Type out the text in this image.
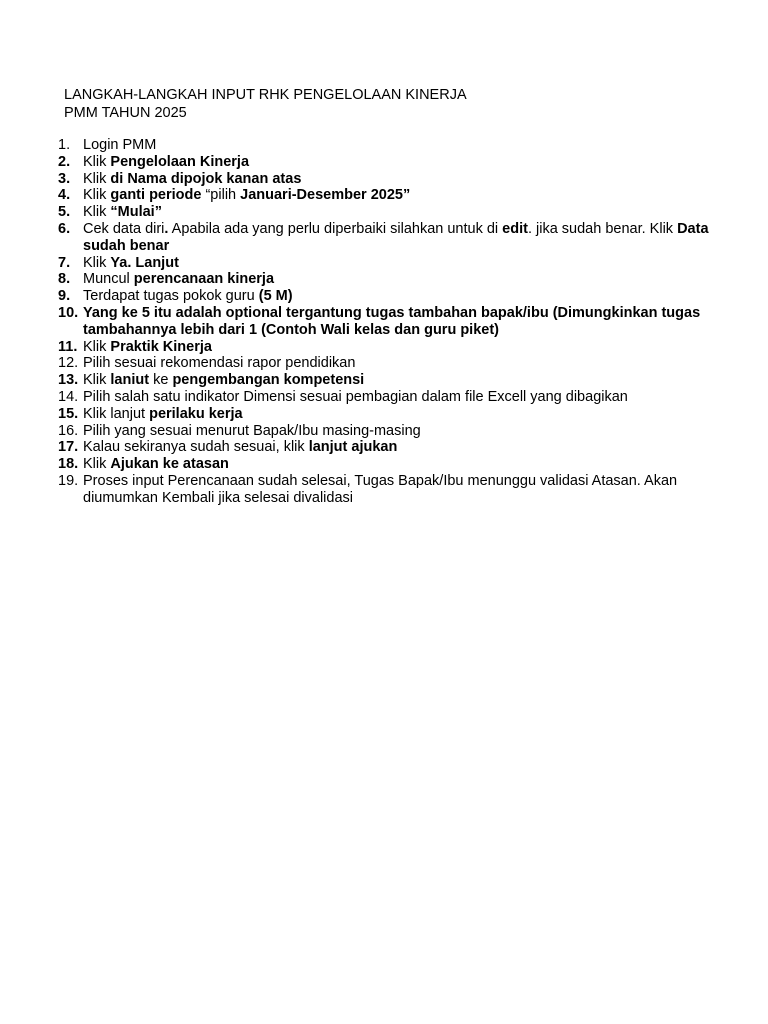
LANGKAH-LANGKAH INPUT RHK PENGELOLAAN KINERJA
PMM TAHUN 2025
1. Login PMM
2. Klik Pengelolaan Kinerja
3. Klik di Nama dipojok kanan atas
4. Klik ganti periode “pilih Januari-Desember 2025”
5. Klik “Mulai”
6. Cek data diri. Apabila ada yang perlu diperbaiki silahkan untuk di edit. jika sudah benar. Klik Data sudah benar
7. Klik Ya. Lanjut
8. Muncul perencanaan kinerja
9. Terdapat tugas pokok guru (5 M)
10. Yang ke 5 itu adalah optional tergantung tugas tambahan bapak/ibu (Dimungkinkan tugas tambahannya lebih dari 1 (Contoh Wali kelas dan guru piket)
11. Klik Praktik Kinerja
12. Pilih sesuai rekomendasi rapor pendidikan
13. Klik laniut ke pengembangan kompetensi
14. Pilih salah satu indikator Dimensi sesuai pembagian dalam file Excell yang dibagikan
15. Klik lanjut perilaku kerja
16. Pilih yang sesuai menurut Bapak/Ibu masing-masing
17. Kalau sekiranya sudah sesuai, klik lanjut ajukan
18. Klik Ajukan ke atasan
19. Proses input Perencanaan sudah selesai, Tugas Bapak/Ibu menunggu validasi Atasan. Akan diumumkan Kembali jika selesai divalidasi
